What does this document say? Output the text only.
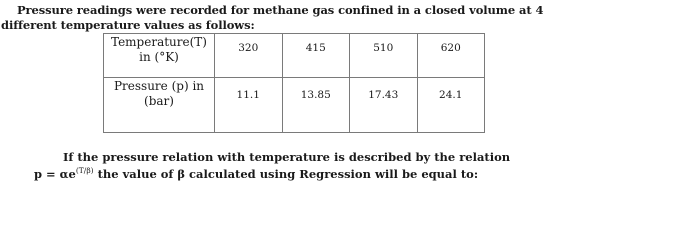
Pressure readings were recorded for methane gas confined in a closed volume at 4
different temperature values as follows:
Temperature(T)
in (°K)	320	415	510	620
Pressure (p) in
(bar)	11.1	13.85	17.43	24.1
If the pressure relation with temperature is described by the relation
$p = \alpha e^{(T/\beta)}$ the value of β calculated using Regression will be equal to:
